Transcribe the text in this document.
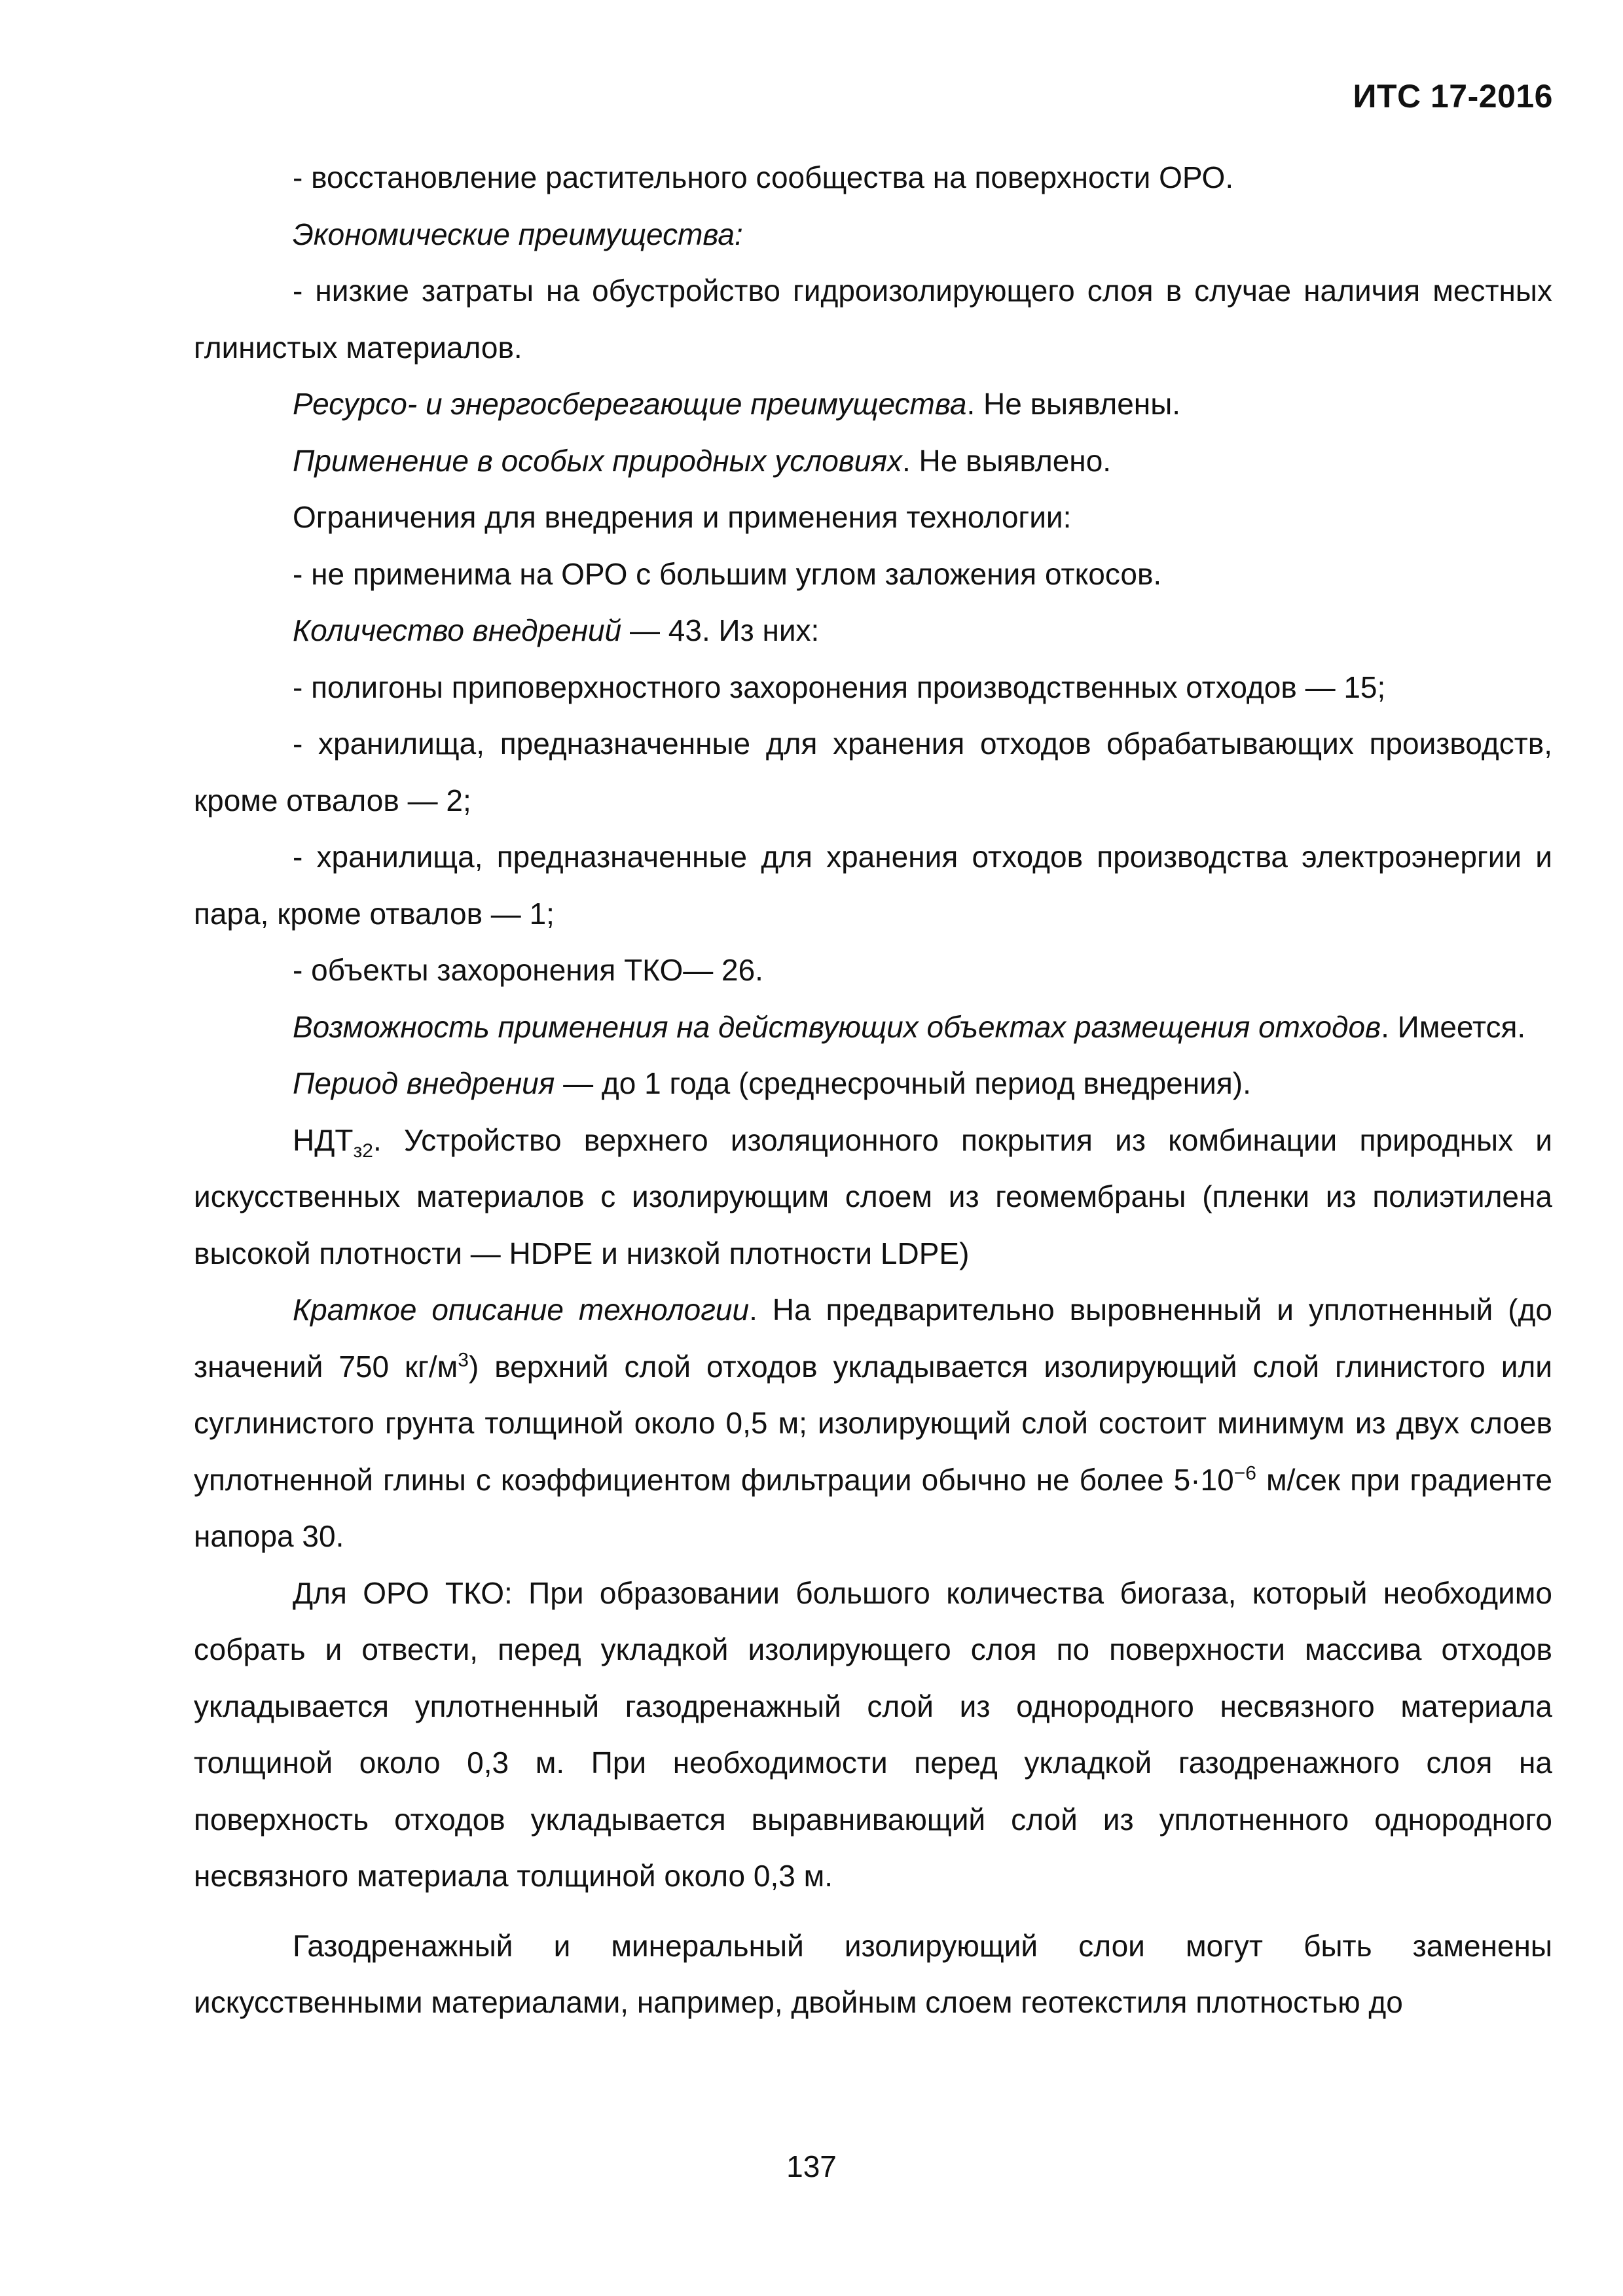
ИТС 17-2016

- восстановление растительного сообщества на поверхности ОРО.

Экономические преимущества:

- низкие затраты на обустройство гидроизолирующего слоя в случае наличия местных глинистых материалов.

Ресурсо- и энергосберегающие преимущества. Не выявлены.

Применение в особых природных условиях. Не выявлено.

Ограничения для внедрения и применения технологии:

- не применима на ОРО с большим углом заложения откосов.

Количество внедрений — 43. Из них:

- полигоны приповерхностного захоронения производственных отходов — 15;

- хранилища, предназначенные для хранения отходов обрабатывающих производств, кроме отвалов — 2;

- хранилища, предназначенные для хранения отходов производства электроэнергии и пара, кроме отвалов — 1;

- объекты захоронения ТКО— 26.

Возможность применения на действующих объектах размещения отходов. Имеется.

Период внедрения — до 1 года (среднесрочный период внедрения).

$НДТ_{з2}$. Устройство верхнего изоляционного покрытия из комбинации природных и искусственных материалов с изолирующим слоем из геомембраны (пленки из полиэтилена высокой плотности — HDPE и низкой плотности LDPE)

Краткое описание технологии. На предварительно выровненный и уплотненный (до значений 750 $кг/м^3$) верхний слой отходов укладывается изолирующий слой глинистого или суглинистого грунта толщиной около 0,5 м; изолирующий слой состоит минимум из двух слоев уплотненной глины с коэффициентом фильтрации обычно не более $5\cdot 10^{-6}$ м/сек при градиенте напора 30.

Для ОРО ТКО: При образовании большого количества биогаза, который необходимо собрать и отвести, перед укладкой изолирующего слоя по поверхности массива отходов укладывается уплотненный газодренажный слой из однородного несвязного материала толщиной около 0,3 м. При необходимости перед укладкой газодренажного слоя на поверхность отходов укладывается выравнивающий слой из уплотненного однородного несвязного материала толщиной около 0,3 м.

Газодренажный и минеральный изолирующий слои могут быть заменены искусственными материалами, например, двойным слоем геотекстиля плотностью до

137
